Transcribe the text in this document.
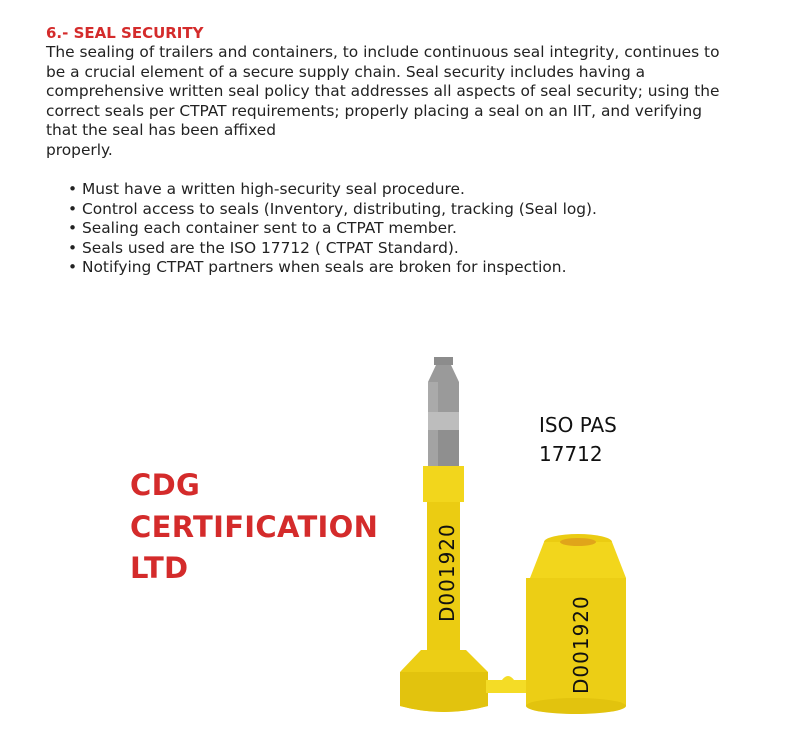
6.- SEAL SECURITY
The sealing of trailers and containers, to include continuous seal integrity, continues to
be a crucial element of a secure supply chain. Seal security includes having a
comprehensive written seal policy that addresses all aspects of seal security; using the
correct seals per CTPAT requirements; properly placing a seal on an IIT, and verifying
that the seal has been affixed
properly.
• Must have a written high-security seal procedure.
• Control access to seals (Inventory, distributing, tracking (Seal log).
• Sealing each container sent to a CTPAT member.
• Seals used are the ISO 17712 ( CTPAT Standard).
• Notifying CTPAT partners when seals are broken for inspection.
CDG
CERTIFICATION
LTD
ISO PAS
17712
D001920
D001920
